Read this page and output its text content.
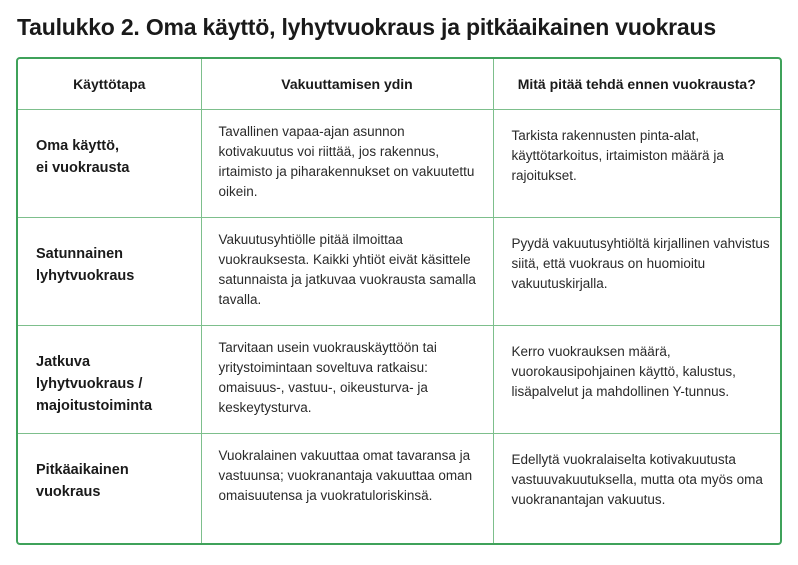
Taulukko 2. Oma käyttö, lyhytvuokraus ja pitkäaikainen vuokraus
Käyttötapa	Vakuuttamisen ydin	Mitä pitää tehdä ennen vuokrausta?

Oma käyttö,
ei vuokrausta	Tavallinen vapaa-ajan asunnon kotivakuutus voi riittää, jos rakennus, irtaimisto ja piharakennukset on vakuutettu oikein.	Tarkista rakennusten pinta-alat, käyttötarkoitus, irtaimiston määrä ja rajoitukset.

Satunnainen
lyhytvuokraus	Vakuutusyhtiölle pitää ilmoittaa vuokrauksesta. Kaikki yhtiöt eivät käsittele satunnaista ja jatkuvaa vuokrausta samalla tavalla.	Pyydä vakuutusyhtiöltä kirjallinen vahvistus siitä, että vuokraus on huomioitu vakuutuskirjalla.

Jatkuva lyhytvuokraus /
majoitustoiminta	Tarvitaan usein vuokrauskäyttöön tai yritystoimintaan soveltuva ratkaisu: omaisuus-, vastuu-, oikeusturva- ja keskeytysturva.	Kerro vuokrauksen määrä, vuorokausipohjainen käyttö, kalustus, lisäpalvelut ja mahdollinen Y-tunnus.

Pitkäaikainen
vuokraus	Vuokralainen vakuuttaa omat tavaransa ja vastuunsa; vuokranantaja vakuuttaa oman omaisuutensa ja vuokratuloriskinsä.	Edellytä vuokralaiselta kotivakuutusta vastuuvakuutuksella, mutta ota myös oma vuokranantajan vakuutus.
